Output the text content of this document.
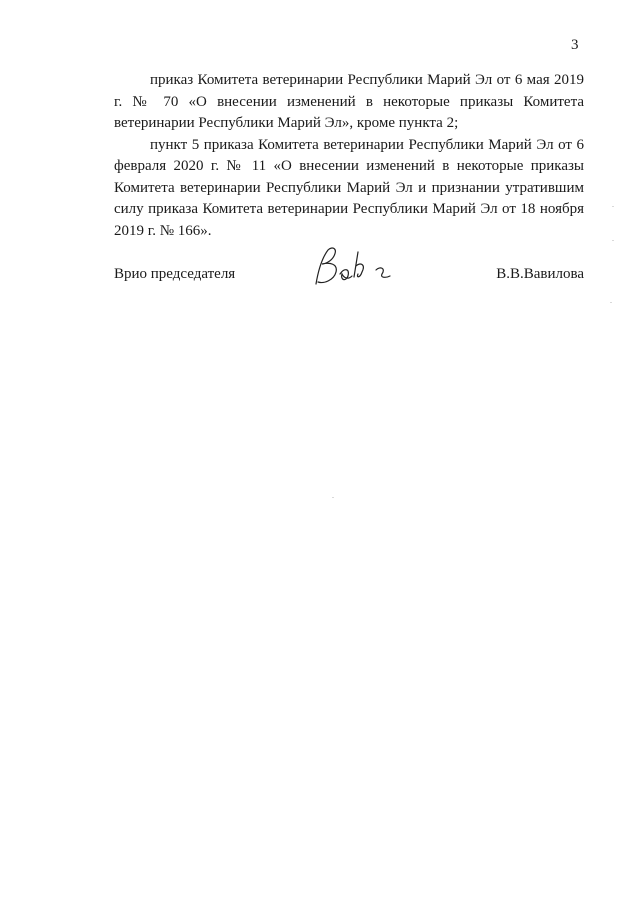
3

приказ Комитета ветеринарии Республики Марий Эл от 6 мая 2019 г. № 70 «О внесении изменений в некоторые приказы Комитета ветеринарии Республики Марий Эл», кроме пункта 2;

пункт 5 приказа Комитета ветеринарии Республики Марий Эл от 6 февраля 2020 г. № 11 «О внесении изменений в некоторые приказы Комитета ветеринарии Республики Марий Эл и признании утратившим силу приказа Комитета ветеринарии Республики Марий Эл от 18 ноября 2019 г. № 166».

Врио председателя	В.В.Вавилова
